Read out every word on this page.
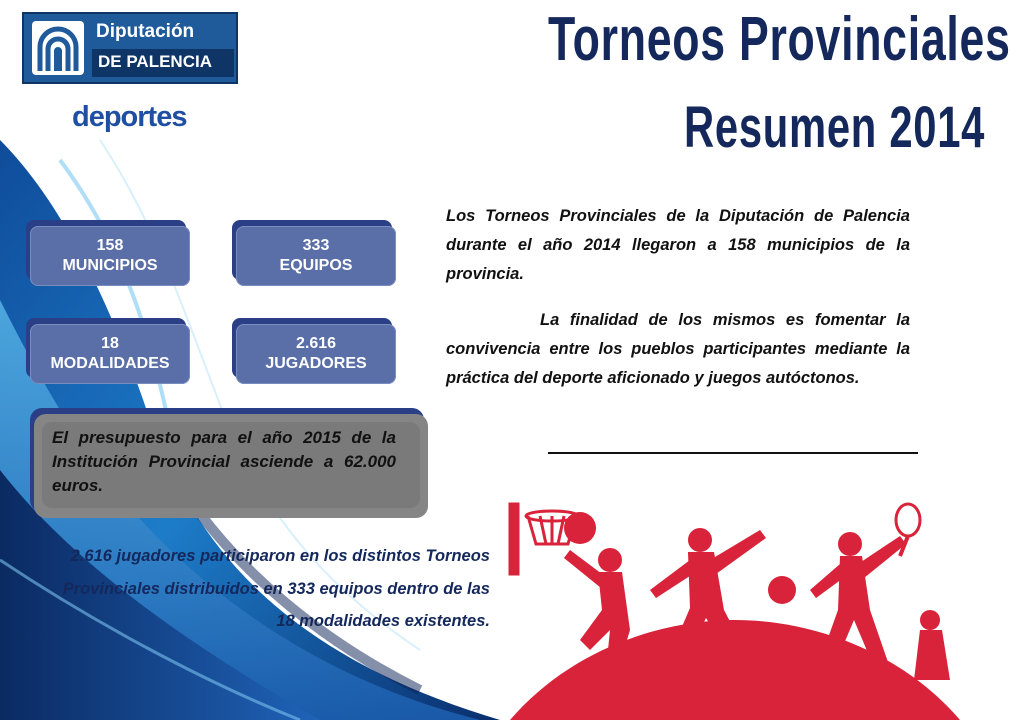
Diputación
DE PALENCIA
deportes
Torneos Provinciales
Resumen 2014
158
MUNICIPIOS
333
EQUIPOS
18
MODALIDADES
2.616
JUGADORES
El presupuesto para el año 2015 de la Institución Provincial asciende a 62.000 euros.
Los Torneos Provinciales de la Diputación de Palencia durante el año 2014 llegaron a 158 municipios de la provincia.
La finalidad de los mismos es fomentar la convivencia entre los pueblos participantes mediante la práctica del deporte aficionado y juegos autóctonos.
2.616 jugadores participaron en los distintos Torneos Provinciales distribuidos en 333 equipos dentro de las 18 modalidades existentes.
